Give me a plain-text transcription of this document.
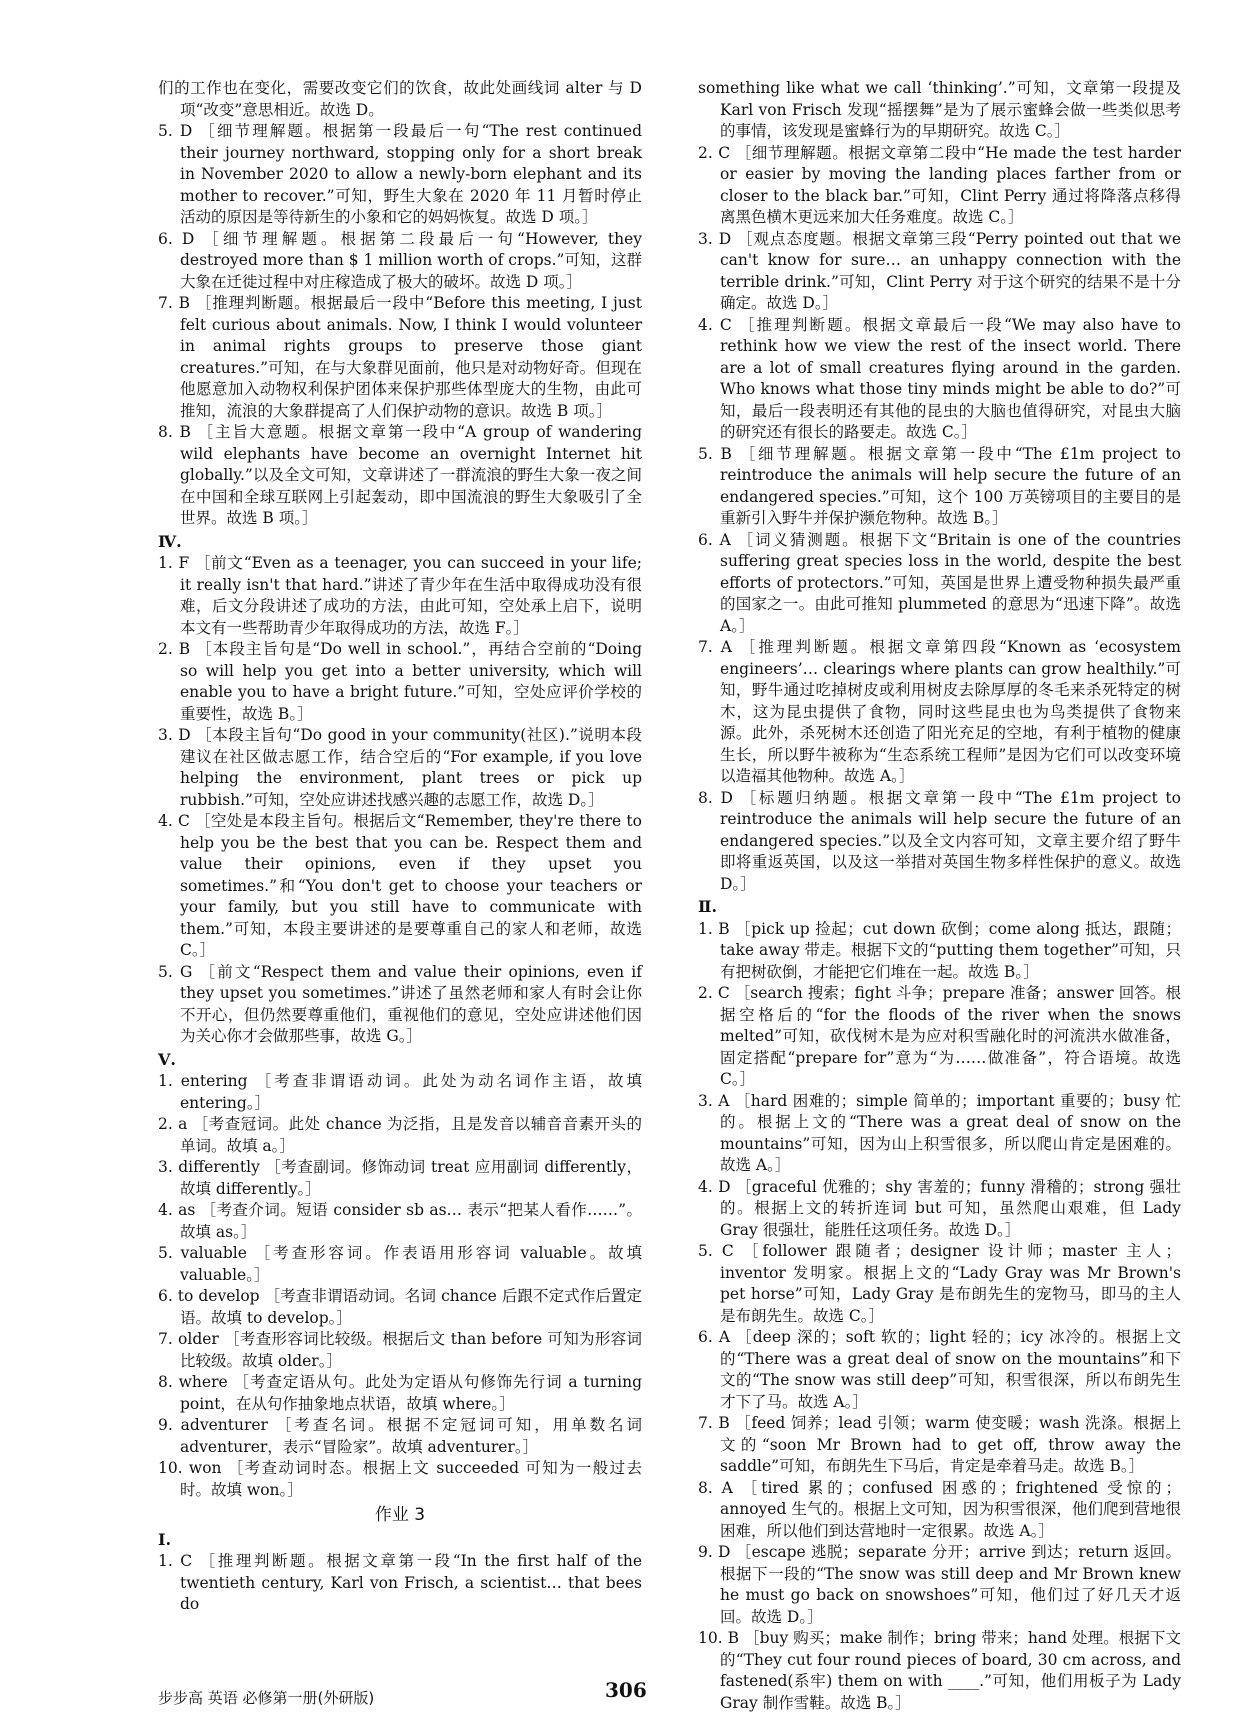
们的工作也在变化，需要改变它们的饮食，故此处画线词 alter 与 D 项“改变”意思相近。故选 D。

5. D ［细节理解题。根据第一段最后一句“The rest continued their journey northward, stopping only for a short break in November 2020 to allow a newly-born elephant and its mother to recover.”可知，野生大象在 2020 年 11 月暂时停止活动的原因是等待新生的小象和它的妈妈恢复。故选 D 项。］

6. D ［细节理解题。根据第二段最后一句“However, they destroyed more than $ 1 million worth of crops.”可知，这群大象在迁徙过程中对庄稼造成了极大的破坏。故选 D 项。］

7. B ［推理判断题。根据最后一段中“Before this meeting, I just felt curious about animals. Now, I think I would volunteer in animal rights groups to preserve those giant creatures.”可知，在与大象群见面前，他只是对动物好奇。但现在他愿意加入动物权利保护团体来保护那些体型庞大的生物，由此可推知，流浪的大象群提高了人们保护动物的意识。故选 B 项。］

8. B ［主旨大意题。根据文章第一段中“A group of wandering wild elephants have become an overnight Internet hit globally.”以及全文可知，文章讲述了一群流浪的野生大象一夜之间在中国和全球互联网上引起轰动，即中国流浪的野生大象吸引了全世界。故选 B 项。］

Ⅳ.

1. F ［前文“Even as a teenager, you can succeed in your life; it really isn't that hard.”讲述了青少年在生活中取得成功没有很难，后文分段讲述了成功的方法，由此可知，空处承上启下，说明本文有一些帮助青少年取得成功的方法，故选 F。］

2. B ［本段主旨句是“Do well in school.”，再结合空前的“Doing so will help you get into a better university, which will enable you to have a bright future.”可知，空处应评价学校的重要性，故选 B。］

3. D ［本段主旨句“Do good in your community(社区).”说明本段建议在社区做志愿工作，结合空后的“For example, if you love helping the environment, plant trees or pick up rubbish.”可知，空处应讲述找感兴趣的志愿工作，故选 D。］

4. C ［空处是本段主旨句。根据后文“Remember, they're there to help you be the best that you can be. Respect them and value their opinions, even if they upset you sometimes.”和“You don't get to choose your teachers or your family, but you still have to communicate with them.”可知，本段主要讲述的是要尊重自己的家人和老师，故选 C。］

5. G ［前文“Respect them and value their opinions, even if they upset you sometimes.”讲述了虽然老师和家人有时会让你不开心，但仍然要尊重他们，重视他们的意见，空处应讲述他们因为关心你才会做那些事，故选 G。］

Ⅴ.

1. entering ［考查非谓语动词。此处为动名词作主语，故填 entering。］

2. a ［考查冠词。此处 chance 为泛指，且是发音以辅音音素开头的单词。故填 a。］

3. differently ［考查副词。修饰动词 treat 应用副词 differently，故填 differently。］

4. as ［考查介词。短语 consider sb as… 表示“把某人看作……”。故填 as。］

5. valuable ［考查形容词。作表语用形容词 valuable。故填 valuable。］

6. to develop ［考查非谓语动词。名词 chance 后跟不定式作后置定语。故填 to develop。］

7. older ［考查形容词比较级。根据后文 than before 可知为形容词比较级。故填 older。］

8. where ［考查定语从句。此处为定语从句修饰先行词 a turning point，在从句作抽象地点状语，故填 where。］

9. adventurer ［考查名词。根据不定冠词可知，用单数名词 adventurer，表示“冒险家”。故填 adventurer。］

10. won ［考查动词时态。根据上文 succeeded 可知为一般过去时。故填 won。］

作业 3
Ⅰ.

1. C ［推理判断题。根据文章第一段“In the first half of the twentieth century, Karl von Frisch, a scientist… that bees do

something like what we call ‘thinking’.”可知，文章第一段提及 Karl von Frisch 发现“摇摆舞”是为了展示蜜蜂会做一些类似思考的事情，该发现是蜜蜂行为的早期研究。故选 C。］

2. C ［细节理解题。根据文章第二段中“He made the test harder or easier by moving the landing places farther from or closer to the black bar.”可知，Clint Perry 通过将降落点移得离黑色横木更远来加大任务难度。故选 C。］

3. D ［观点态度题。根据文章第三段“Perry pointed out that we can't know for sure… an unhappy connection with the terrible drink.”可知，Clint Perry 对于这个研究的结果不是十分确定。故选 D。］

4. C ［推理判断题。根据文章最后一段“We may also have to rethink how we view the rest of the insect world. There are a lot of small creatures flying around in the garden. Who knows what those tiny minds might be able to do?”可知，最后一段表明还有其他的昆虫的大脑也值得研究，对昆虫大脑的研究还有很长的路要走。故选 C。］

5. B ［细节理解题。根据文章第一段中“The £1m project to reintroduce the animals will help secure the future of an endangered species.”可知，这个 100 万英镑项目的主要目的是重新引入野牛并保护濒危物种。故选 B。］

6. A ［词义猜测题。根据下文“Britain is one of the countries suffering great species loss in the world, despite the best efforts of protectors.”可知，英国是世界上遭受物种损失最严重的国家之一。由此可推知 plummeted 的意思为“迅速下降”。故选 A。］

7. A ［推理判断题。根据文章第四段“Known as ‘ecosystem engineers’… clearings where plants can grow healthily.”可知，野牛通过吃掉树皮或利用树皮去除厚厚的冬毛来杀死特定的树木，这为昆虫提供了食物，同时这些昆虫也为鸟类提供了食物来源。此外，杀死树木还创造了阳光充足的空地，有利于植物的健康生长，所以野牛被称为“生态系统工程师”是因为它们可以改变环境以造福其他物种。故选 A。］

8. D ［标题归纳题。根据文章第一段中“The £1m project to reintroduce the animals will help secure the future of an endangered species.”以及全文内容可知，文章主要介绍了野牛即将重返英国，以及这一举措对英国生物多样性保护的意义。故选 D。］

Ⅱ.

1. B ［pick up 捡起；cut down 砍倒；come along 抵达，跟随；take away 带走。根据下文的“putting them together”可知，只有把树砍倒，才能把它们堆在一起。故选 B。］

2. C ［search 搜索；fight 斗争；prepare 准备；answer 回答。根据空格后的“for the floods of the river when the snows melted”可知，砍伐树木是为应对积雪融化时的河流洪水做准备，固定搭配“prepare for”意为“为……做准备”，符合语境。故选 C。］

3. A ［hard 困难的；simple 简单的；important 重要的；busy 忙的。根据上文的“There was a great deal of snow on the mountains”可知，因为山上积雪很多，所以爬山肯定是困难的。故选 A。］

4. D ［graceful 优雅的；shy 害羞的；funny 滑稽的；strong 强壮的。根据上文的转折连词 but 可知，虽然爬山艰难，但 Lady Gray 很强壮，能胜任这项任务。故选 D。］

5. C ［follower 跟随者；designer 设计师；master 主人；inventor 发明家。根据上文的“Lady Gray was Mr Brown's pet horse”可知，Lady Gray 是布朗先生的宠物马，即马的主人是布朗先生。故选 C。］

6. A ［deep 深的；soft 软的；light 轻的；icy 冰冷的。根据上文的“There was a great deal of snow on the mountains”和下文的“The snow was still deep”可知，积雪很深，所以布朗先生才下了马。故选 A。］

7. B ［feed 饲养；lead 引领；warm 使变暖；wash 洗涤。根据上文的“soon Mr Brown had to get off, throw away the saddle”可知，布朗先生下马后，肯定是牵着马走。故选 B。］

8. A ［tired 累的；confused 困惑的；frightened 受惊的；annoyed 生气的。根据上文可知，因为积雪很深，他们爬到营地很困难，所以他们到达营地时一定很累。故选 A。］

9. D ［escape 逃脱；separate 分开；arrive 到达；return 返回。根据下一段的“The snow was still deep and Mr Brown knew he must go back on snowshoes”可知，他们过了好几天才返回。故选 D。］

10. B ［buy 购买；make 制作；bring 带来；hand 处理。根据下文的“They cut four round pieces of board, 30 cm across, and fastened(系牢) them on with ____.”可知，他们用板子为 Lady Gray 制作雪鞋。故选 B。］

步步高 英语 必修第一册(外研版)	306
